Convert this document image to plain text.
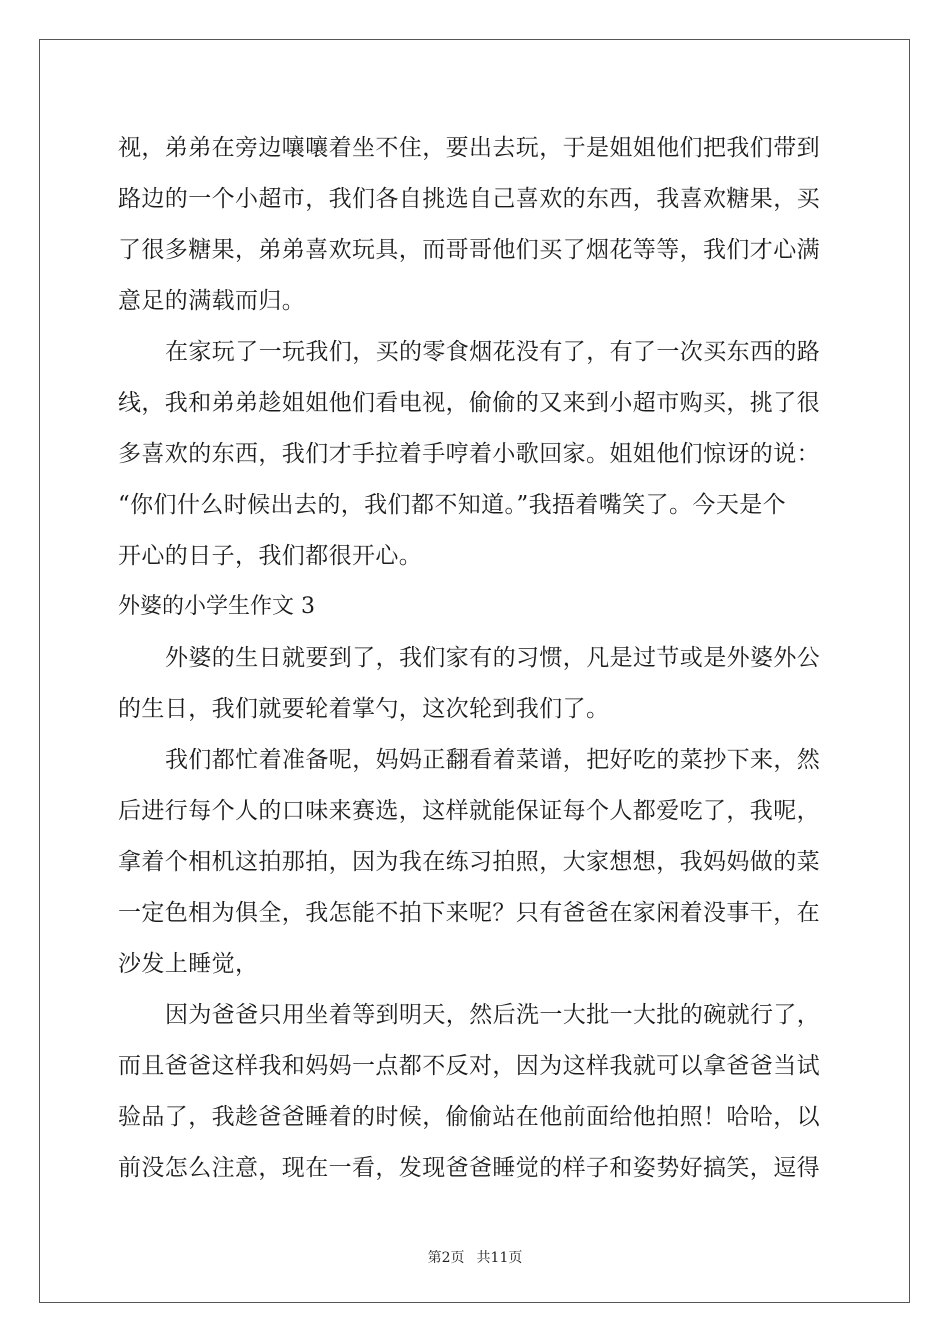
视，弟弟在旁边嚷嚷着坐不住，要出去玩，于是姐姐他们把我们带到
路边的一个小超市，我们各自挑选自己喜欢的东西，我喜欢糖果，买
了很多糖果，弟弟喜欢玩具，而哥哥他们买了烟花等等，我们才心满
意足的满载而归。
在家玩了一玩我们，买的零食烟花没有了，有了一次买东西的路
线，我和弟弟趁姐姐他们看电视，偷偷的又来到小超市购买，挑了很
多喜欢的东西，我们才手拉着手哼着小歌回家。姐姐他们惊讶的说：
“你们什么时候出去的，我们都不知道。”我捂着嘴笑了。今天是个
开心的日子，我们都很开心。
外婆的小学生作文 3
外婆的生日就要到了，我们家有的习惯，凡是过节或是外婆外公
的生日，我们就要轮着掌勺，这次轮到我们了。
我们都忙着准备呢，妈妈正翻看着菜谱，把好吃的菜抄下来，然
后进行每个人的口味来赛选，这样就能保证每个人都爱吃了，我呢，
拿着个相机这拍那拍，因为我在练习拍照，大家想想，我妈妈做的菜
一定色相为俱全，我怎能不拍下来呢？只有爸爸在家闲着没事干，在
沙发上睡觉，
因为爸爸只用坐着等到明天，然后洗一大批一大批的碗就行了，
而且爸爸这样我和妈妈一点都不反对，因为这样我就可以拿爸爸当试
验品了，我趁爸爸睡着的时候，偷偷站在他前面给他拍照！哈哈，以
前没怎么注意，现在一看，发现爸爸睡觉的样子和姿势好搞笑，逗得
第2页 共11页
